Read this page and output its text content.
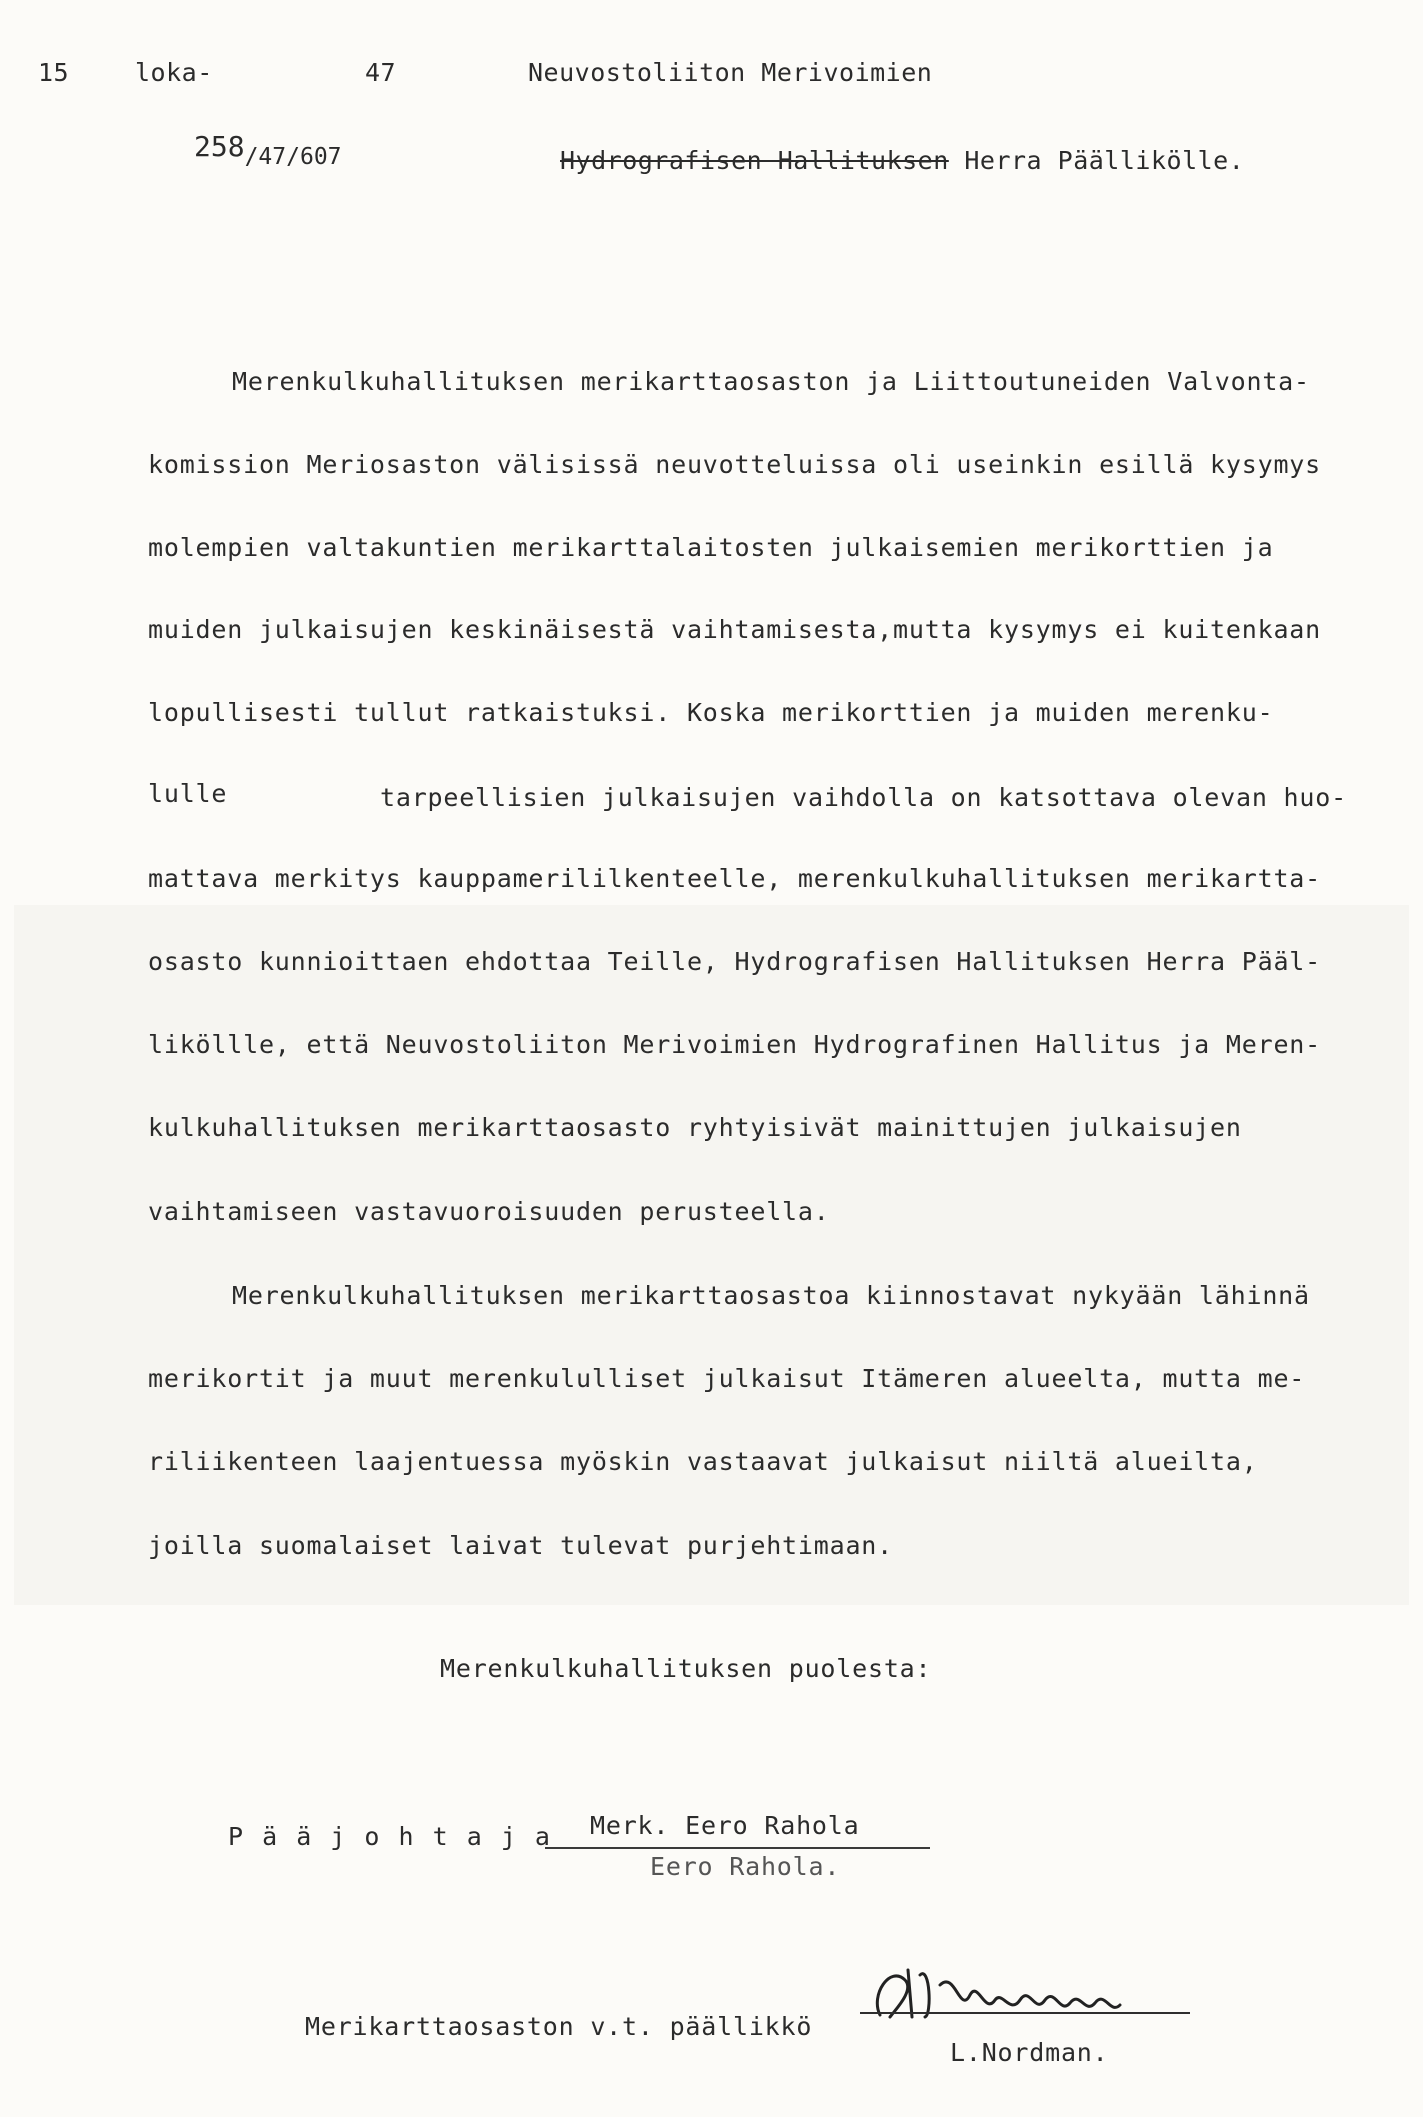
15	loka-	47	Neuvostoliiton Merivoimien
258/47/607	Hydrografisen Hallituksen Herra Päällikölle.
Merenkulkuhallituksen merikarttaosaston ja Liittoutuneiden Valvonta-
komission Meriosaston välisissä neuvotteluissa oli useinkin esillä kysymys
molempien valtakuntien merikarttalaitosten julkaisemien merikorttien ja
muiden julkaisujen keskinäisestä vaihtamisesta,mutta kysymys ei kuitenkaan
lopullisesti tullut ratkaistuksi. Koska merikorttien ja muiden merenku-
lulle	tarpeellisien julkaisujen vaihdolla on katsottava olevan huo-
mattava merkitys kauppamerililkenteelle, merenkulkuhallituksen merikartta-
osasto kunnioittaen ehdottaa Teille, Hydrografisen Hallituksen Herra Pääl-
liköllle, että Neuvostoliiton Merivoimien Hydrografinen Hallitus ja Meren-
kulkuhallituksen merikarttaosasto ryhtyisivät mainittujen julkaisujen
vaihtamiseen vastavuoroisuuden perusteella.
Merenkulkuhallituksen merikarttaosastoa kiinnostavat nykyään lähinnä
merikortit ja muut merenkululliset julkaisut Itämeren alueelta, mutta me-
riliikenteen laajentuessa myöskin vastaavat julkaisut niiltä alueilta,
joilla suomalaiset laivat tulevat purjehtimaan.
Merenkulkuhallituksen puolesta:
P ä ä j o h t a j a Merk. Eero Rahola
Eero Rahola.
Merikarttaosaston v.t. päällikkö
L.Nordman.
